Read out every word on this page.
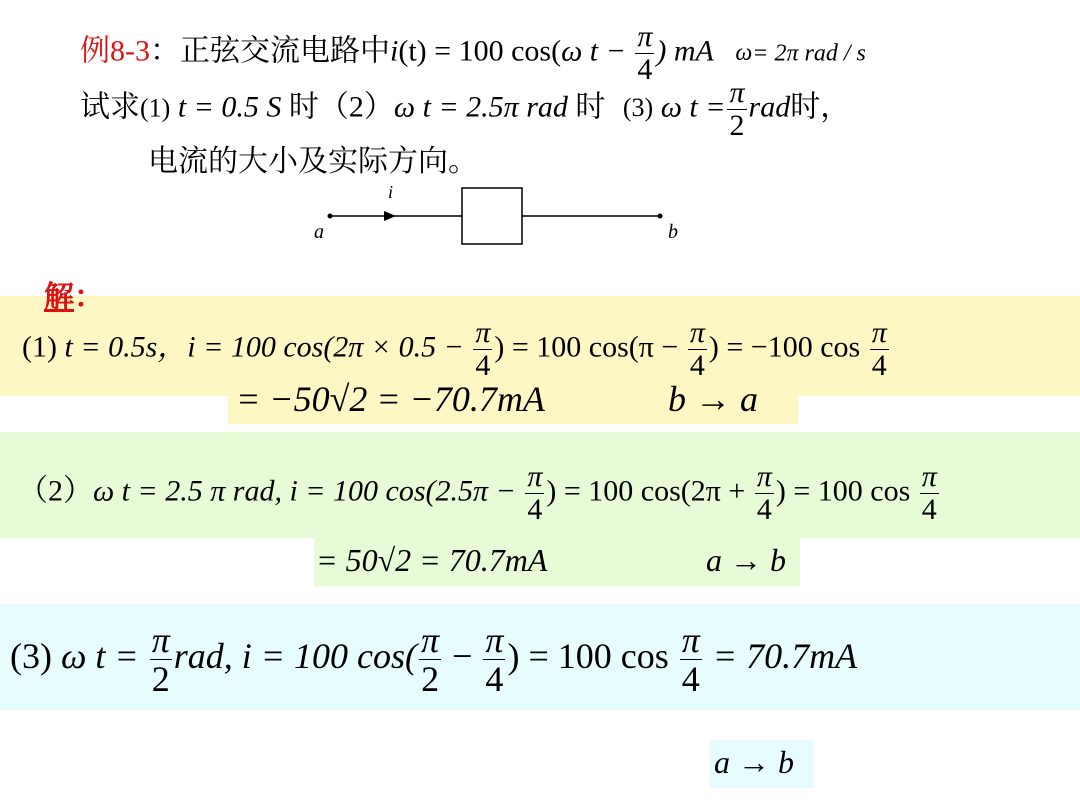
例8-3：正弦交流电路中i(t) = 100 cos(ω $t - \frac{\pi}{4}$ ) mA ω= 2π rad / s
试求(1) t = 0.5 S 时（2）ω t = 2.5π rad 时 (3) ω $t = \frac{\pi}{2}$ rad时，
电流的大小及实际方向。
i
a	b
解：
(1) t = 0.5s，i = 100 $\cos(2\pi \times 0.5 - \frac{\pi}{4}$ ) = 100 $\cos(\pi - \frac{\pi}{4}$ ) = −100 $\cos \frac{\pi}{4}$
= −50√2 = −70.7mA	b → a
（2）ω t = 2.5 π rad, i = 100 $\cos(2.5\pi - \frac{\pi}{4}$ ) = 100 $\cos(2\pi + \frac{\pi}{4}$ ) = 100 $\cos \frac{\pi}{4}$
= 50√2 = 70.7mA	a → b
(3) ω $t = \frac{\pi}{2}$ rad, i = 100 $\cos( \frac{\pi}{2} - \frac{\pi}{4}$ ) = 100 $\cos \frac{\pi}{4} = 70.7mA$
a → b
